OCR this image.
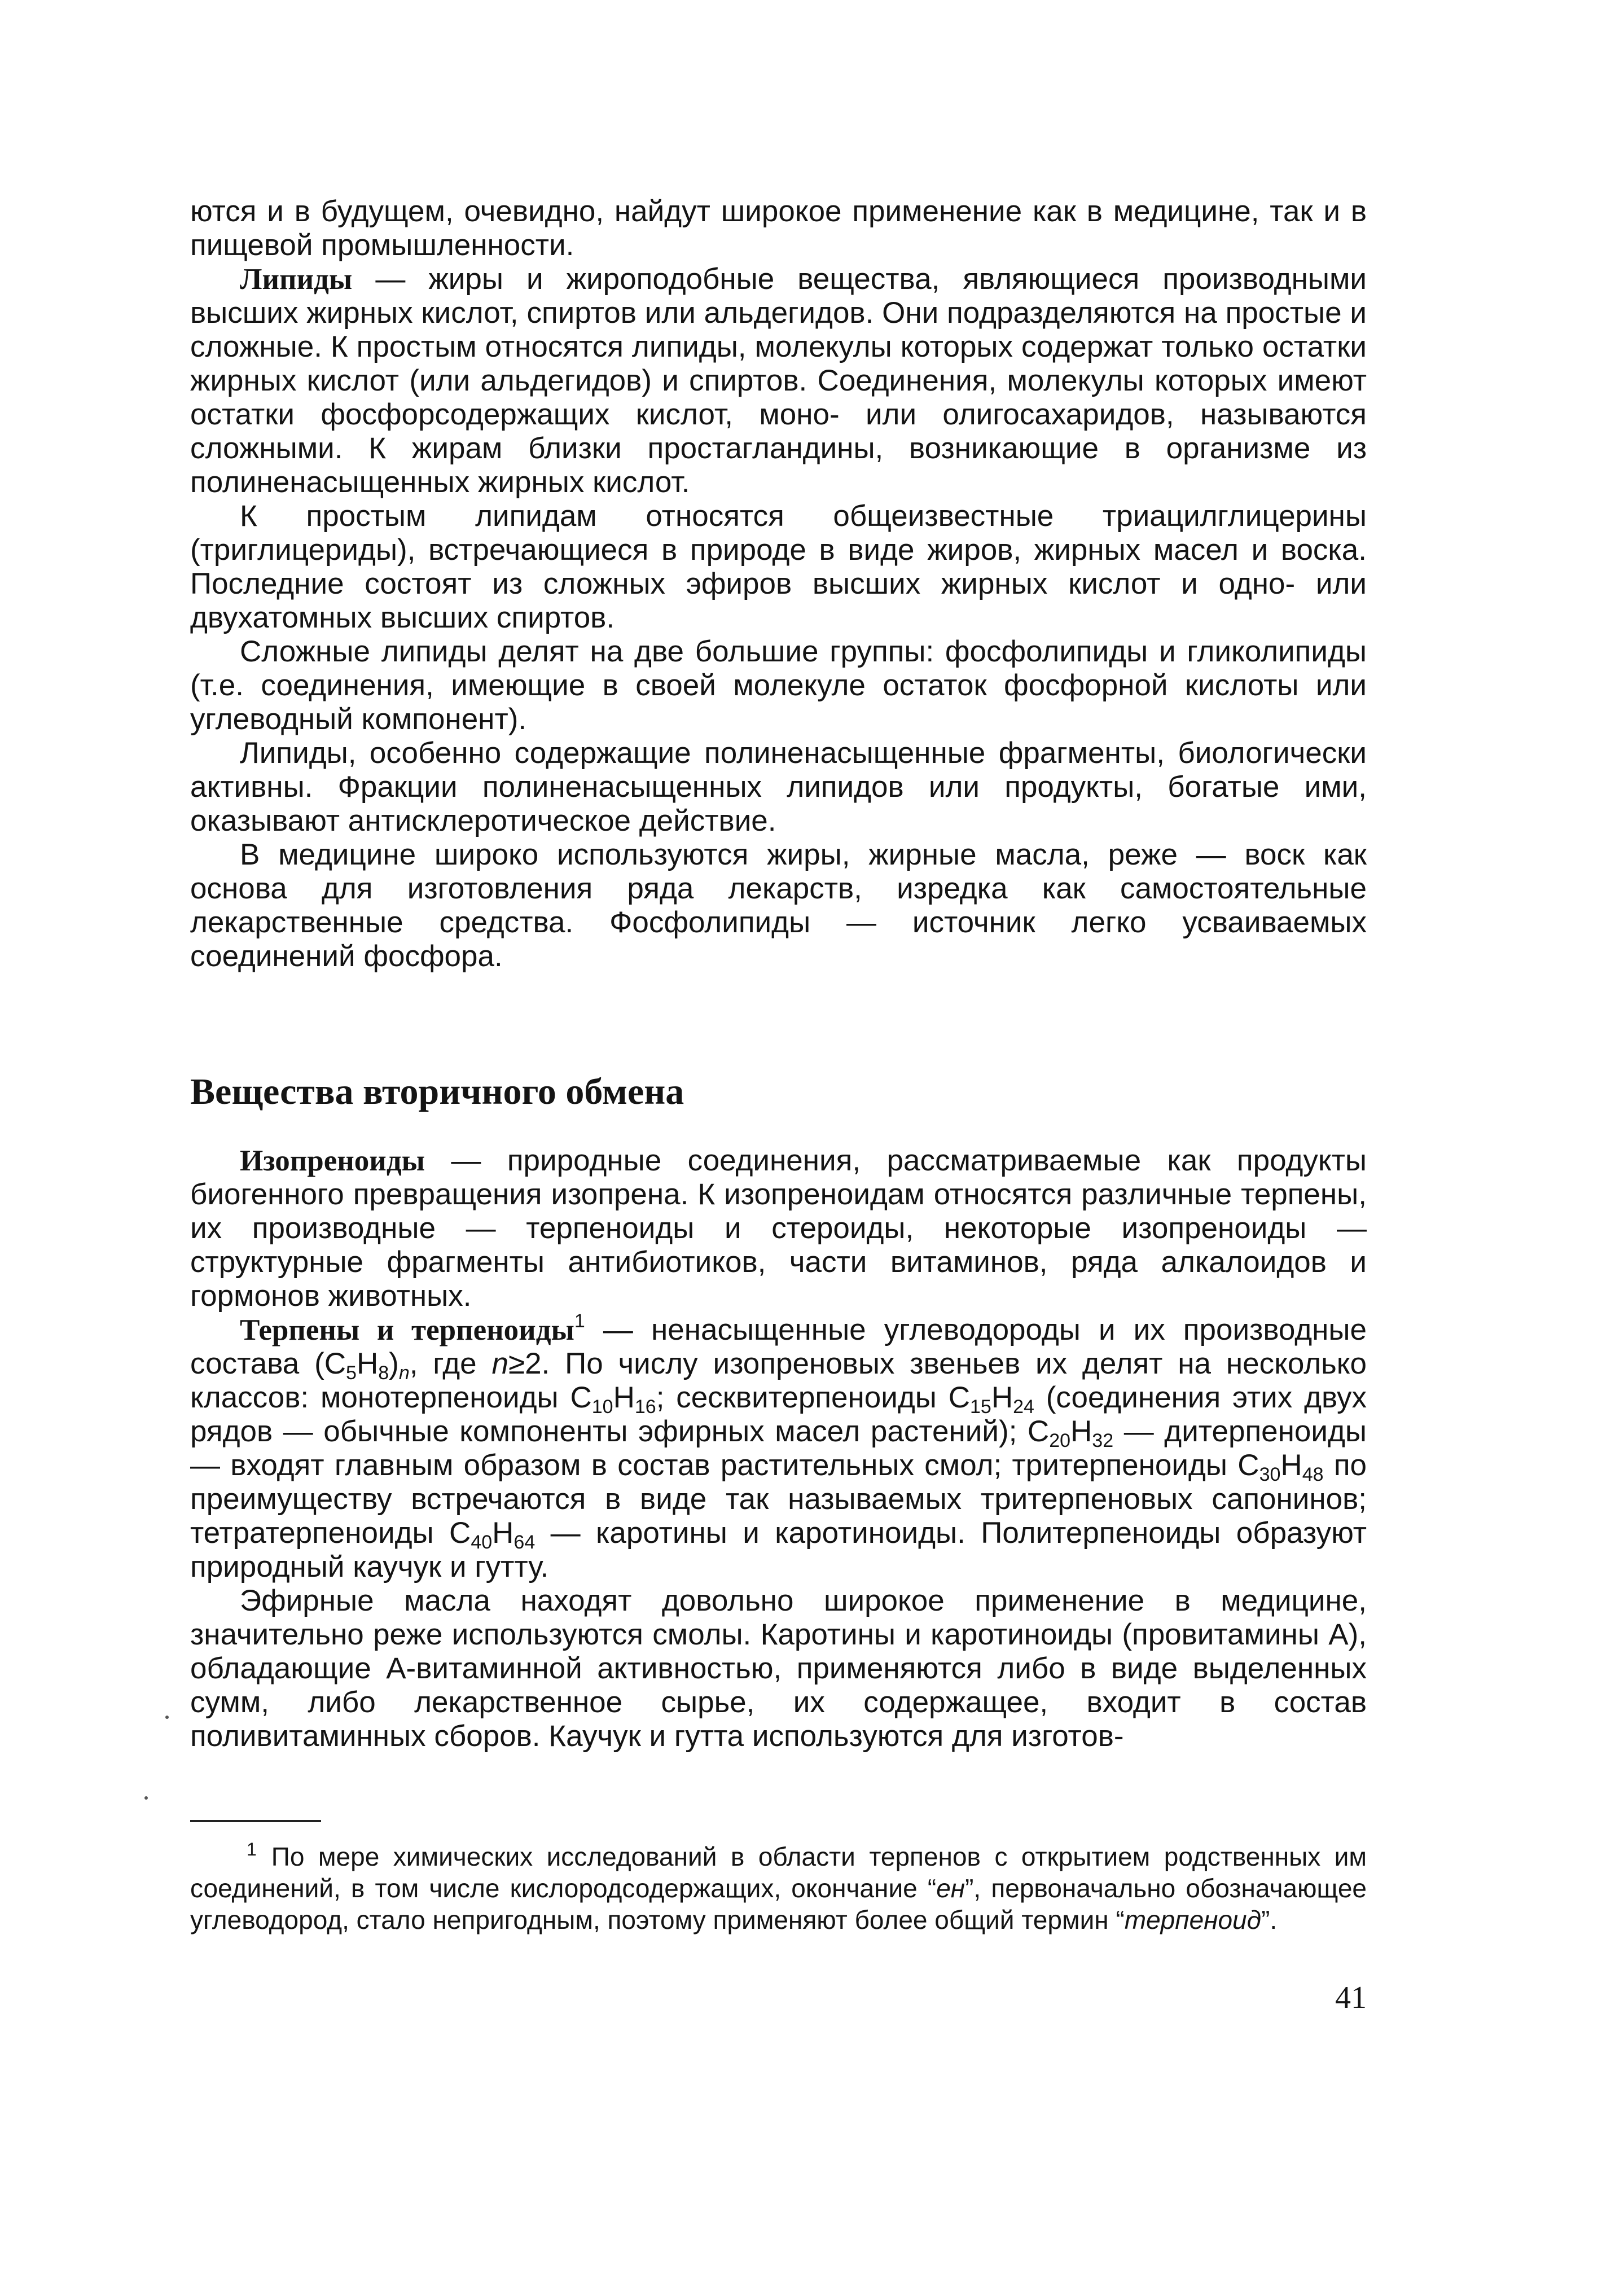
ются и в будущем, очевидно, найдут широкое применение как в медицине, так и в пищевой промышленности.

Липиды — жиры и жироподобные вещества, являющиеся производными высших жирных кислот, спиртов или альдегидов. Они подразделяются на простые и сложные. К простым относятся липиды, молекулы которых содержат только остатки жирных кислот (или альдегидов) и спиртов. Соединения, молекулы которых имеют остатки фосфорсодержащих кислот, моно- или олигосахаридов, называются сложными. К жирам близки простагландины, возникающие в организме из полиненасыщенных жирных кислот.

К простым липидам относятся общеизвестные триацилглицерины (триглицериды), встречающиеся в природе в виде жиров, жирных масел и воска. Последние состоят из сложных эфиров высших жирных кислот и одно- или двухатомных высших спиртов.

Сложные липиды делят на две большие группы: фосфолипиды и гликолипиды (т.е. соединения, имеющие в своей молекуле остаток фосфорной кислоты или углеводный компонент).

Липиды, особенно содержащие полиненасыщенные фрагменты, биологически активны. Фракции полиненасыщенных липидов или продукты, богатые ими, оказывают антисклеротическое действие.

В медицине широко используются жиры, жирные масла, реже — воск как основа для изготовления ряда лекарств, изредка как самостоятельные лекарственные средства. Фосфолипиды — источник легко усваиваемых соединений фосфора.

Вещества вторичного обмена

Изопреноиды — природные соединения, рассматриваемые как продукты биогенного превращения изопрена. К изопреноидам относятся различные терпены, их производные — терпеноиды и стероиды, некоторые изопреноиды — структурные фрагменты антибиотиков, части витаминов, ряда алкалоидов и гормонов животных.

Терпены и терпеноиды$^1$ — ненасыщенные углеводороды и их производные состава $(C_5H_8)_n$, где n≥2. По числу изопреновых звеньев их делят на несколько классов: монотерпеноиды $C_{10}H_{16}$; сесквитерпеноиды $C_{15}H_{24}$ (соединения этих двух рядов — обычные компоненты эфирных масел растений); $C_{20}H_{32}$ — дитерпеноиды — входят главным образом в состав растительных смол; тритерпеноиды $C_{30}H_{48}$ по преимуществу встречаются в виде так называемых тритерпеновых сапонинов; тетратерпеноиды $C_{40}H_{64}$ — каротины и каротиноиды. Политерпеноиды образуют природный каучук и гутту.

Эфирные масла находят довольно широкое применение в медицине, значительно реже используются смолы. Каротины и каротиноиды (провитамины А), обладающие А-витаминной активностью, применяются либо в виде выделенных сумм, либо лекарственное сырье, их содержащее, входит в состав поливитаминных сборов. Каучук и гутта используются для изготов-

$^1$ По мере химических исследований в области терпенов с открытием родственных им соединений, в том числе кислородсодержащих, окончание “ен”, первоначально обозначающее углеводород, стало непригодным, поэтому применяют более общий термин “терпеноид”.

41
